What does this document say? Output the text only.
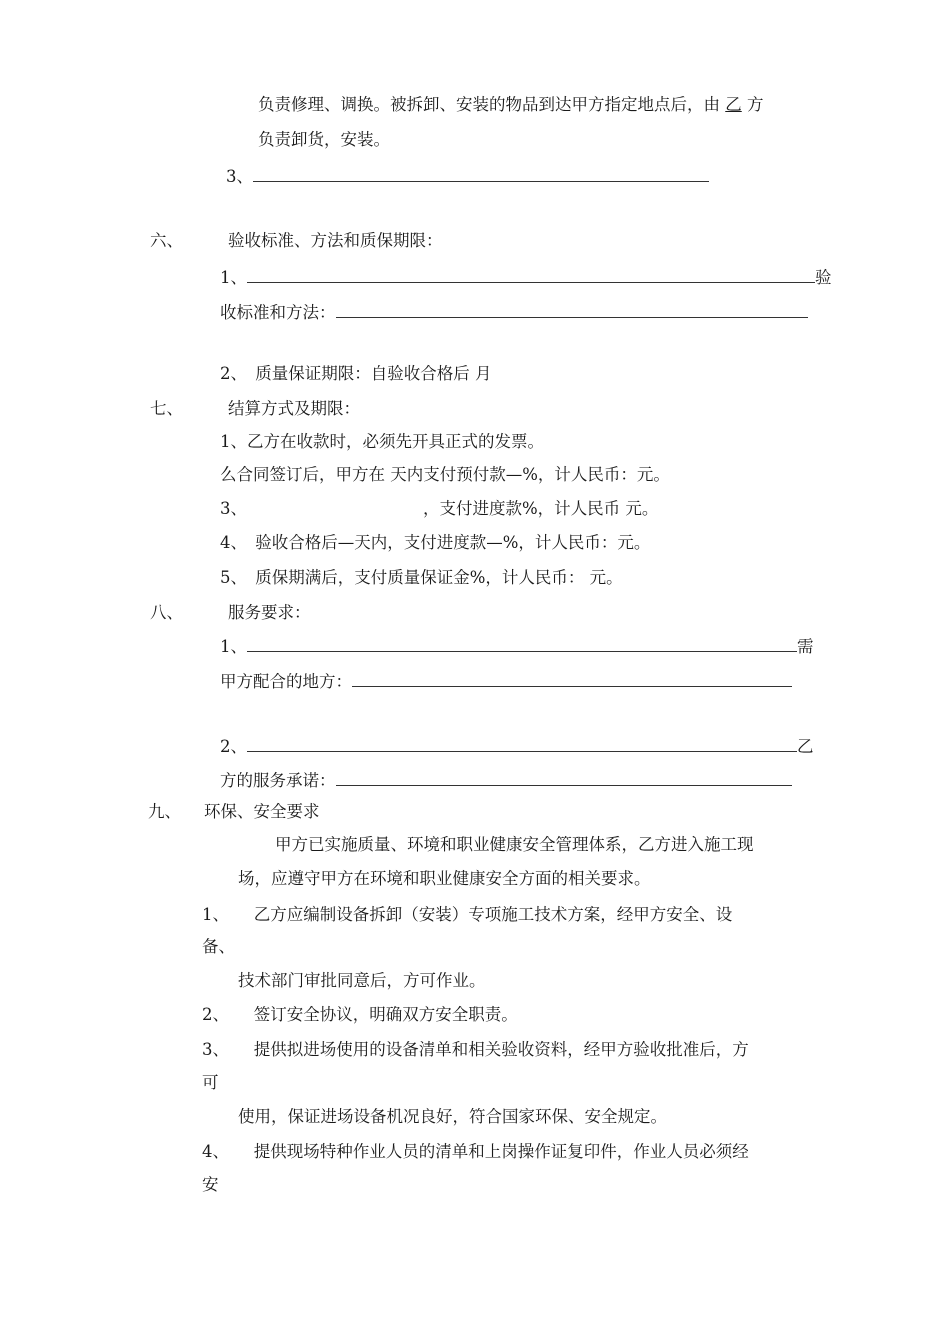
负责修理、调换。被拆卸、安装的物品到达甲方指定地点后，由 乙 方
负责卸货，安装。
3、
六、	验收标准、方法和质保期限：
1、	验
收标准和方法：
2、　质量保证期限：自验收合格后 月
七、	结算方式及期限：
1、乙方在收款时，必须先开具正式的发票。
么合同签订后，甲方在 天内支付预付款—%，计人民币：元。
3、	，支付进度款%，计人民币 元。
4、　验收合格后—天内，支付进度款—%，计人民币：元。
5、　质保期满后，支付质量保证金%，计人民币： 元。
八、	服务要求：
1、	需
甲方配合的地方：
2、	乙
方的服务承诺：
九、 环保、安全要求
甲方已实施质量、环境和职业健康安全管理体系，乙方进入施工现
场，应遵守甲方在环境和职业健康安全方面的相关要求。
1、　　乙方应编制设备拆卸（安装）专项施工技术方案，经甲方安全、设
备、
技术部门审批同意后，方可作业。
2、　　签订安全协议，明确双方安全职责。
3、　　提供拟进场使用的设备清单和相关验收资料，经甲方验收批准后，方
可
使用，保证进场设备机况良好，符合国家环保、安全规定。
4、　　提供现场特种作业人员的清单和上岗操作证复印件，作业人员必须经
安
